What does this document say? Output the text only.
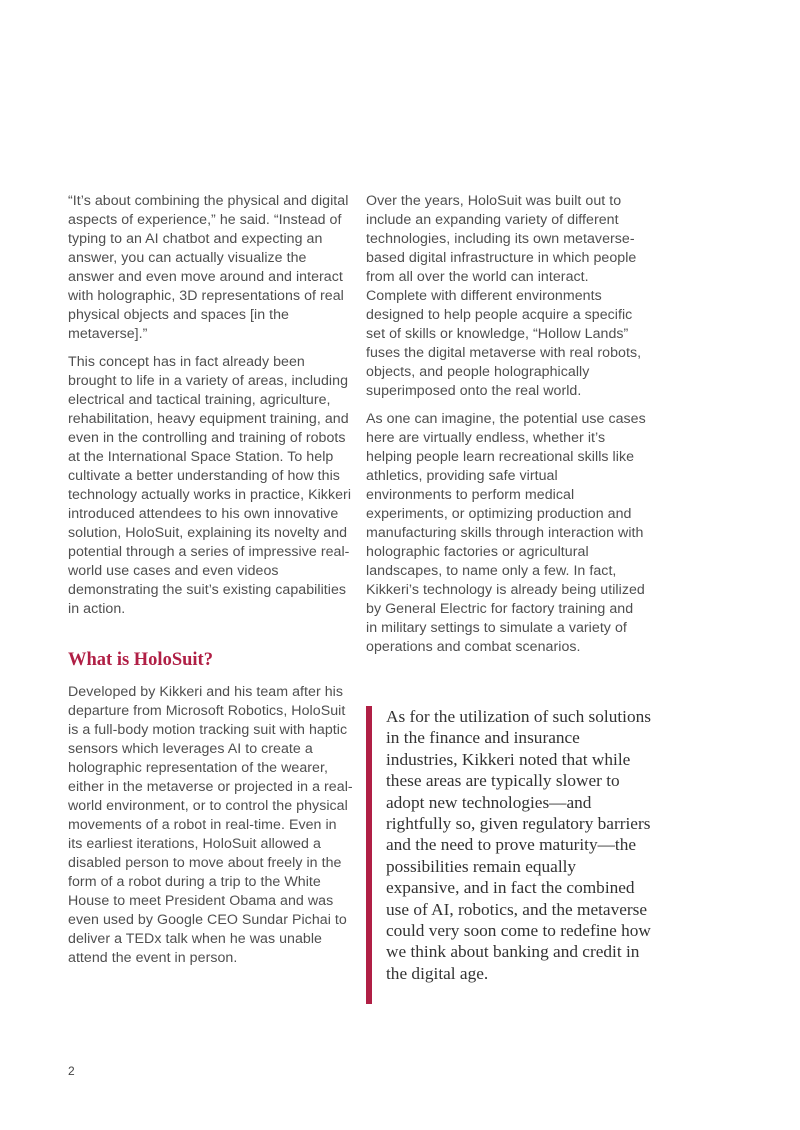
“It’s about combining the physical and digital aspects of experience,” he said. “Instead of typing to an AI chatbot and expecting an answer, you can actually visualize the answer and even move around and interact with holographic, 3D representations of real physical objects and spaces [in the metaverse].”

This concept has in fact already been brought to life in a variety of areas, including electrical and tactical training, agriculture, rehabilitation, heavy equipment training, and even in the controlling and training of robots at the International Space Station. To help cultivate a better understanding of how this technology actually works in practice, Kikkeri introduced attendees to his own innovative solution, HoloSuit, explaining its novelty and potential through a series of impressive real-world use cases and even videos demonstrating the suit’s existing capabilities in action.

What is HoloSuit?

Developed by Kikkeri and his team after his departure from Microsoft Robotics, HoloSuit is a full-body motion tracking suit with haptic sensors which leverages AI to create a holographic representation of the wearer, either in the metaverse or projected in a real-world environment, or to control the physical movements of a robot in real-time. Even in its earliest iterations, HoloSuit allowed a disabled person to move about freely in the form of a robot during a trip to the White House to meet President Obama and was even used by Google CEO Sundar Pichai to deliver a TEDx talk when he was unable attend the event in person.

Over the years, HoloSuit was built out to include an expanding variety of different technologies, including its own metaverse-based digital infrastructure in which people from all over the world can interact. Complete with different environments designed to help people acquire a specific set of skills or knowledge, “Hollow Lands” fuses the digital metaverse with real robots, objects, and people holographically superimposed onto the real world.

As one can imagine, the potential use cases here are virtually endless, whether it’s helping people learn recreational skills like athletics, providing safe virtual environments to perform medical experiments, or optimizing production and manufacturing skills through interaction with holographic factories or agricultural landscapes, to name only a few. In fact, Kikkeri’s technology is already being utilized by General Electric for factory training and in military settings to simulate a variety of operations and combat scenarios.

As for the utilization of such solutions in the finance and insurance industries, Kikkeri noted that while these areas are typically slower to adopt new technologies—and rightfully so, given regulatory barriers and the need to prove maturity—the possibilities remain equally expansive, and in fact the combined use of AI, robotics, and the metaverse could very soon come to redefine how we think about banking and credit in the digital age.
2
